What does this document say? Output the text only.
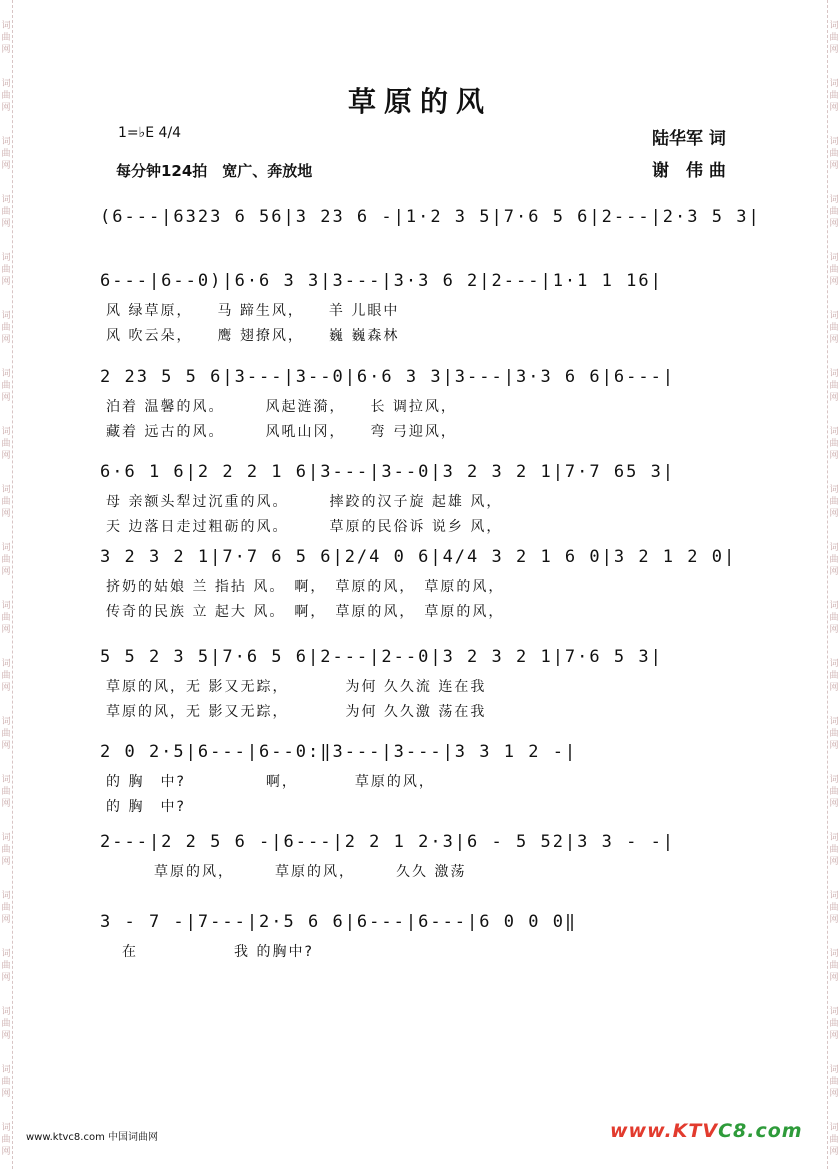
词
曲
网
词
曲
网
词
曲
网
词
曲
网
词
曲
网
词
曲
网
词
曲
网
词
曲
网
词
曲
网
词
曲
网
词
曲
网
词
曲
网
词
曲
网
词
曲
网
词
曲
网
词
曲
网
词
曲
网
词
曲
网
词
曲
网
词
曲
网
词
曲
网
词
曲
网
词
曲
网
词
曲
网
词
曲
网
词
曲
网
词
曲
网
词
曲
网
词
曲
网
词
曲
网
词
曲
网
词
曲
网
词
曲
网
词
曲
网
词
曲
网
词
曲
网
词
曲
网
词
曲
网
词
曲
网
词
曲
网
草原的风
1=♭E 4/4
每分钟124拍　宽广、奔放地
陆华军 词
谢　伟 曲
(6---|6323 6 56|3 23 6 -|1·2 3 5|7·6 5 6|2---|2·3 5 3|
6---|6--0)|6·6 3 3|3---|3·3 6 2|2---|1·1 1 16|
风 绿草原，　　马 蹄生风，　　羊 儿眼中
风 吹云朵，　　鹰 翅撩风，　　巍 巍森林
2 23 5 5 6|3---|3--0|6·6 3 3|3---|3·3 6 6|6---|
泊着 温馨的风。　　　风起涟漪，　　长 调拉风，
藏着 远古的风。　　　风吼山冈，　　弯 弓迎风，
6·6 1 6|2 2 2 1 6|3---|3--0|3 2 3 2 1|7·7 65 3|
母 亲额头犁过沉重的风。　　　摔跤的汉子旋 起雄 风，
天 边落日走过粗砺的风。　　　草原的民俗诉 说乡 风，
3 2 3 2 1|7·7 6 5 6|2/4 0 6|4/4 3 2 1 6 0|3 2 1 2 0|
挤奶的姑娘 兰 指拈 风。　啊，　草原的风，　草原的风，
传奇的民族 立 起大 风。　啊，　草原的风，　草原的风，
5 5 2 3 5|7·6 5 6|2---|2--0|3 2 3 2 1|7·6 5 3|
草原的风，无 影又无踪，　　　　为何 久久流 连在我
草原的风，无 影又无踪，　　　　为何 久久激 荡在我
2 0 2·5|6---|6--0:‖3---|3---|3 3 1 2 -|
的 胸　中?　　　　　啊，　　　　草原的风，
的 胸　中?
2---|2 2 5 6 -|6---|2 2 1 2·3|6 - 5 52|3 3 - -|
　　　草原的风，　　　草原的风，　　　久久 激荡
3 - 7 -|7---|2·5 6 6|6---|6---|6 0 0 0‖
　在　　　　　　我 的胸中?
www.ktvc8.com 中国词曲网	www.KTVC8.com
